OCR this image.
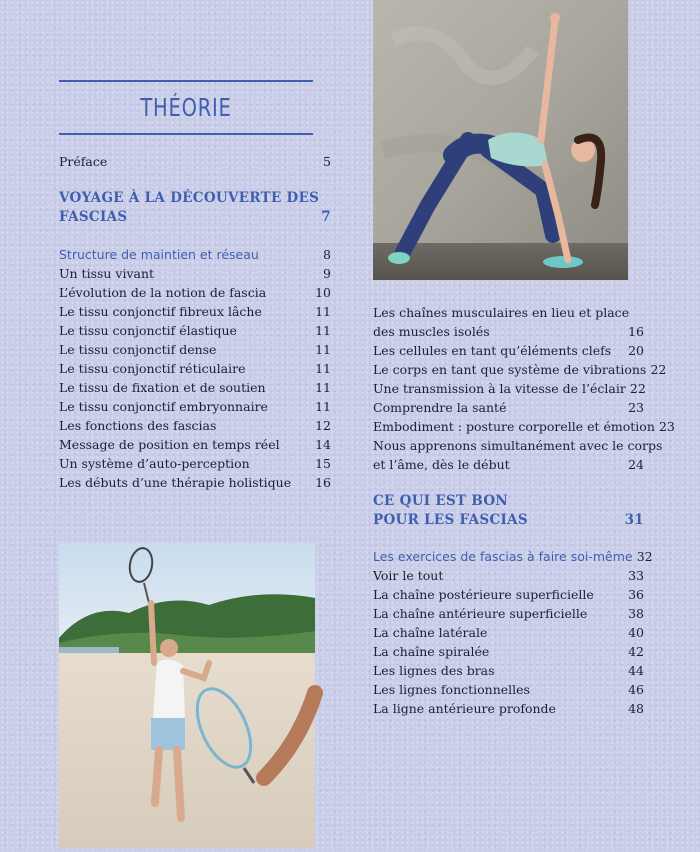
THÉORIE
Préface	5
VOYAGE À LA DÉCOUVERTE DES
FASCIAS	7
Structure de maintien et réseau	8
Un tissu vivant	9
L’évolution de la notion de fascia	10
Le tissu conjonctif fibreux lâche	11
Le tissu conjonctif élastique	11
Le tissu conjonctif dense	11
Le tissu conjonctif réticulaire	11
Le tissu de fixation et de soutien	11
Le tissu conjonctif embryonnaire	11
Les fonctions des fascias	12
Message de position en temps réel	14
Un système d’auto-perception	15
Les débuts d’une thérapie holistique	16
Les chaînes musculaires en lieu et place
des muscles isolés	16
Les cellules en tant qu’éléments clefs	20
Le corps en tant que système de vibrations 22
Une transmission à la vitesse de l’éclair 22
Comprendre la santé	23
Embodiment : posture corporelle et émotion 23
Nous apprenons simultanément avec le corps
et l’âme, dès le début	24
CE QUI EST BON
POUR LES FASCIAS	31
Les exercices de fascias à faire soi-même 32
Voir le tout	33
La chaîne postérieure superficielle	36
La chaîne antérieure superficielle	38
La chaîne latérale	40
La chaîne spiralée	42
Les lignes des bras	44
Les lignes fonctionnelles	46
La ligne antérieure profonde	48
